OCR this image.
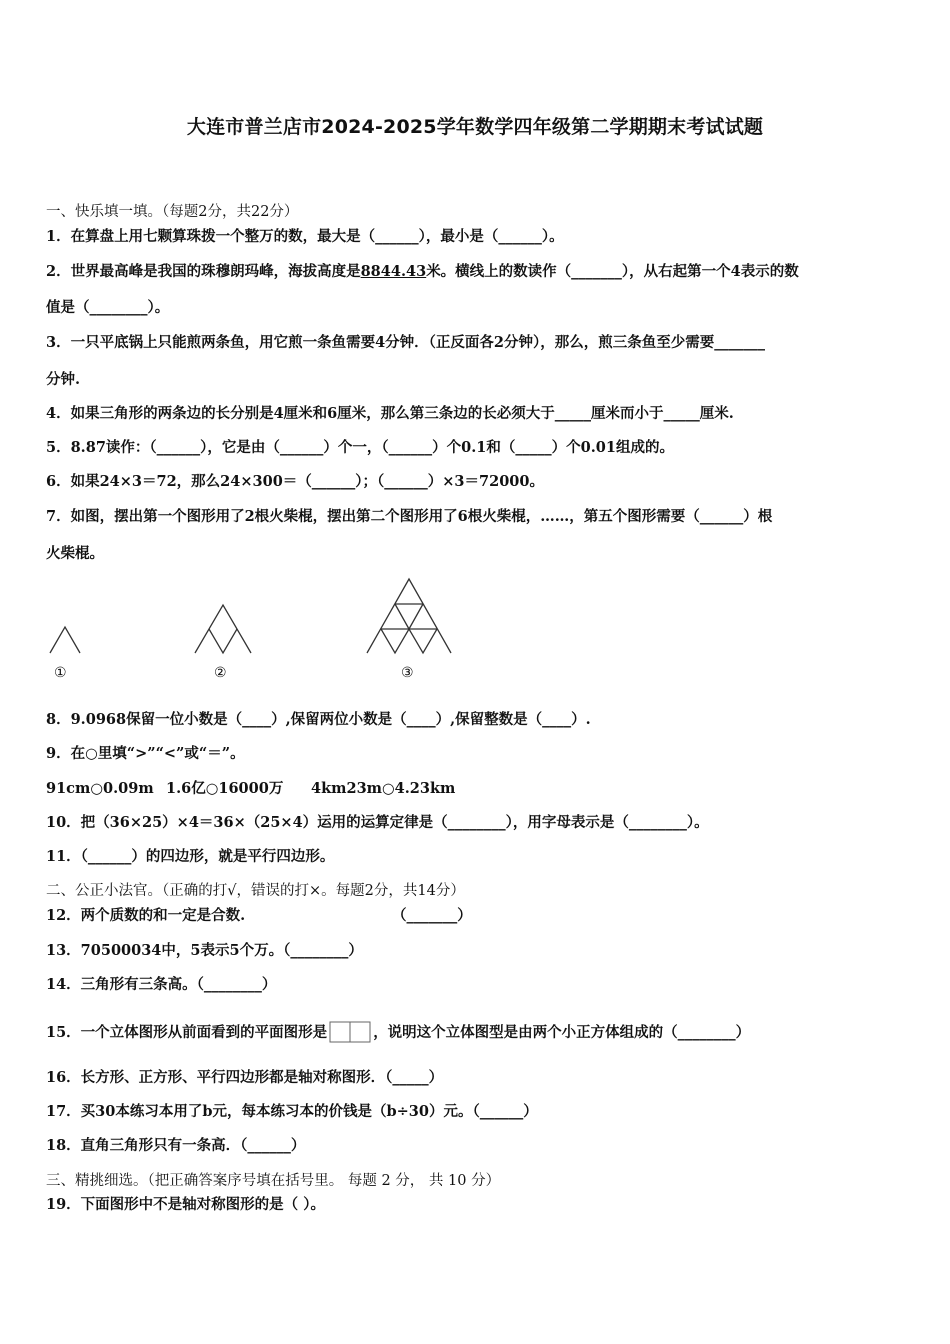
大连市普兰店市2024-2025学年数学四年级第二学期期末考试试题
一、快乐填一填。（每题2分，共22分）
1．在算盘上用七颗算珠拨一个整万的数，最大是（______），最小是（______）。
2．世界最高峰是我国的珠穆朗玛峰，海拔高度是8844.43米。横线上的数读作（_______），从右起第一个4表示的数
值是（________）。
3．一只平底锅上只能煎两条鱼，用它煎一条鱼需要4分钟．（正反面各2分钟），那么，煎三条鱼至少需要_______
分钟.
4．如果三角形的两条边的长分别是4厘米和6厘米，那么第三条边的长必须大于_____厘米而小于_____厘米.
5．8.87读作：（______），它是由（______）个一，（______）个0.1和（_____）个0.01组成的。
6．如果24×3＝72，那么24×300＝（______）；（______）×3＝72000。
7．如图，摆出第一个图形用了2根火柴棍，摆出第二个图形用了6根火柴棍，……，第五个图形需要（______）根
火柴棍。
①	②	③
8．9.0968保留一位小数是（____）,保留两位小数是（____）,保留整数是（____）.
9．在○里填“>”“<”或“＝”。
91cm○0.09m 1.6亿○16000万 4km23m○4.23km
10．把（36×25）×4＝36×（25×4）运用的运算定律是（________），用字母表示是（________）。
11．（______）的四边形，就是平行四边形。
二、公正小法官。（正确的打√，错误的打×。每题2分，共14分）
12．两个质数的和一定是合数.	（_______）
13．70500034中，5表示5个万。（________）
14．三角形有三条高。（________）
15．一个立体图形从前面看到的平面图形是	，说明这个立体图型是由两个小正方体组成的（________）
16．长方形、正方形、平行四边形都是轴对称图形．（_____）
17．买30本练习本用了b元，每本练习本的价钱是（b÷30）元。（______）
18．直角三角形只有一条高．（______）
三、精挑细选。（把正确答案序号填在括号里。 每题 2 分， 共 10 分）
19．下面图形中不是轴对称图形的是（ ）。
